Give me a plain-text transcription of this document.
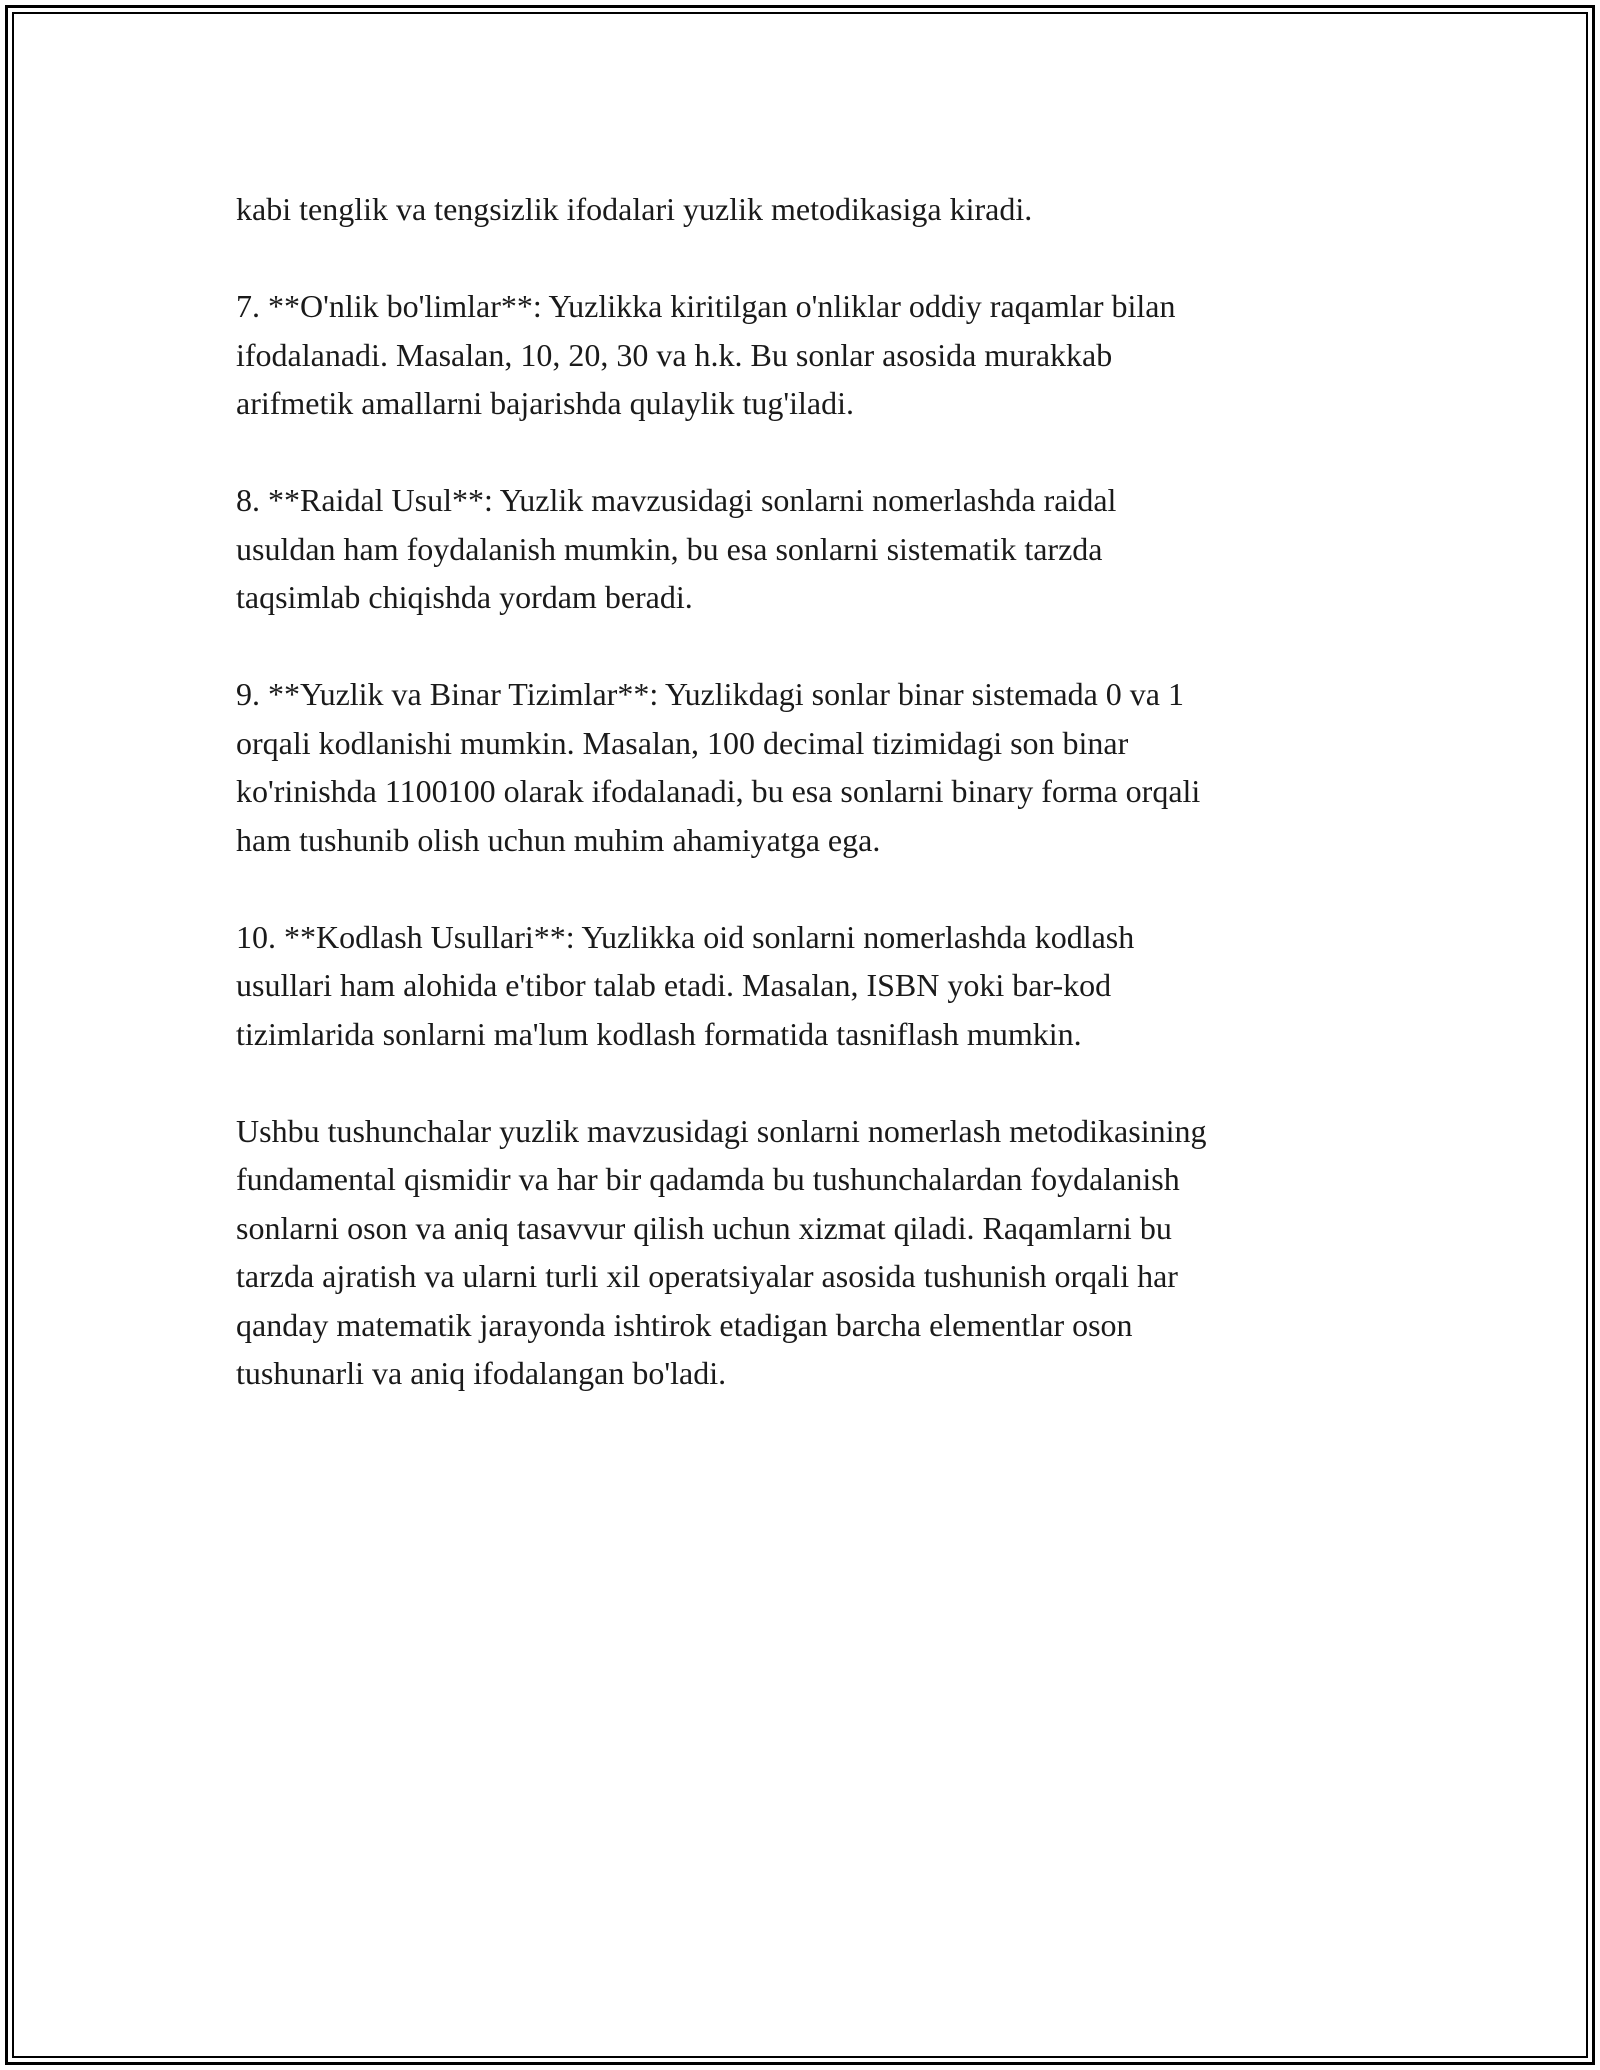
kabi tenglik va tengsizlik ifodalari yuzlik metodikasiga kiradi.

7. **O'nlik bo'limlar**: Yuzlikka kiritilgan o'nliklar oddiy raqamlar bilan
ifodalanadi. Masalan, 10, 20, 30 va h.k. Bu sonlar asosida murakkab
arifmetik amallarni bajarishda qulaylik tug'iladi.

8. **Raidal Usul**: Yuzlik mavzusidagi sonlarni nomerlashda raidal
usuldan ham foydalanish mumkin, bu esa sonlarni sistematik tarzda
taqsimlab chiqishda yordam beradi.

9. **Yuzlik va Binar Tizimlar**: Yuzlikdagi sonlar binar sistemada 0 va 1
orqali kodlanishi mumkin. Masalan, 100 decimal tizimidagi son binar
ko'rinishda 1100100 olarak ifodalanadi, bu esa sonlarni binary forma orqali
ham tushunib olish uchun muhim ahamiyatga ega.

10. **Kodlash Usullari**: Yuzlikka oid sonlarni nomerlashda kodlash
usullari ham alohida e'tibor talab etadi. Masalan, ISBN yoki bar-kod
tizimlarida sonlarni ma'lum kodlash formatida tasniflash mumkin.

Ushbu tushunchalar yuzlik mavzusidagi sonlarni nomerlash metodikasining
fundamental qismidir va har bir qadamda bu tushunchalardan foydalanish
sonlarni oson va aniq tasavvur qilish uchun xizmat qiladi. Raqamlarni bu
tarzda ajratish va ularni turli xil operatsiyalar asosida tushunish orqali har
qanday matematik jarayonda ishtirok etadigan barcha elementlar oson
tushunarli va aniq ifodalangan bo'ladi.
